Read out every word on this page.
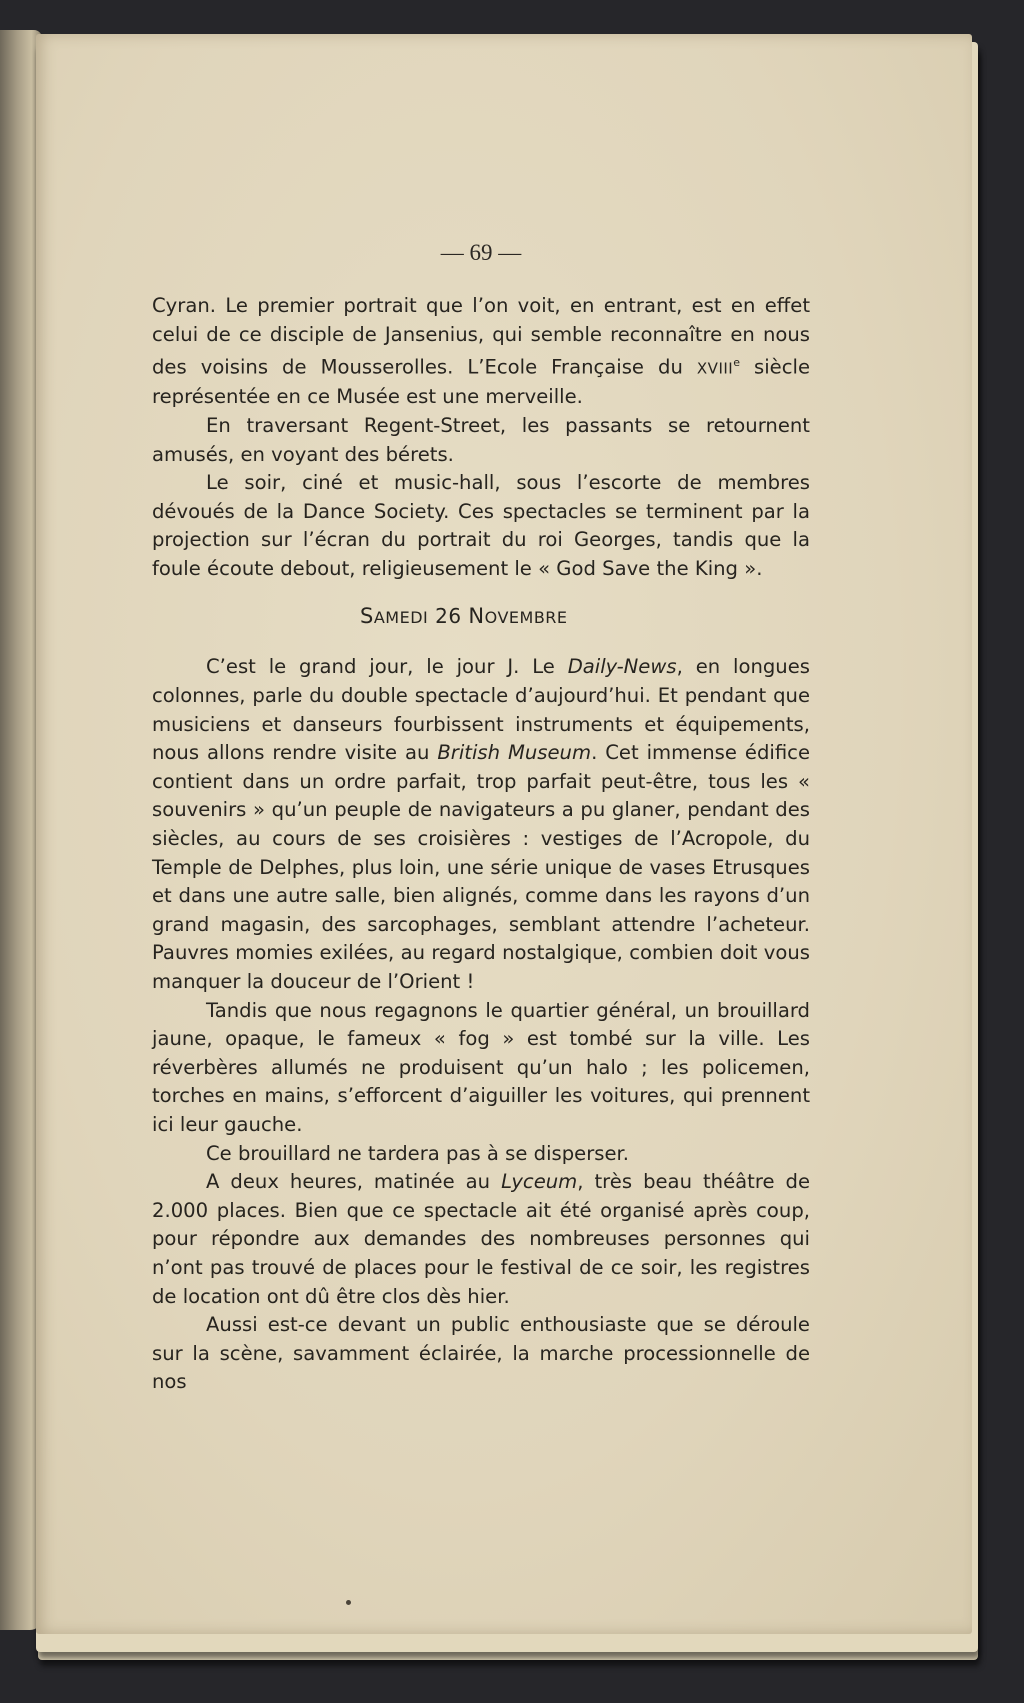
— 69 —

Cyran. Le premier portrait que l’on voit, en entrant, est en effet celui de ce disciple de Jansenius, qui semble reconnaître en nous des voisins de Mousserolles. L’Ecole Française du XVIIIe siècle représentée en ce Musée est une merveille.

En traversant Regent-Street, les passants se retournent amusés, en voyant des bérets.

Le soir, ciné et music-hall, sous l’escorte de membres dévoués de la Dance Society. Ces spectacles se terminent par la projection sur l’écran du portrait du roi Georges, tandis que la foule écoute debout, religieusement le « God Save the King ».

SAMEDI 26 NOVEMBRE

C’est le grand jour, le jour J. Le Daily-News, en longues colonnes, parle du double spectacle d’aujourd’hui. Et pendant que musiciens et danseurs fourbissent instruments et équipements, nous allons rendre visite au British Museum. Cet immense édifice contient dans un ordre parfait, trop parfait peut-être, tous les « souvenirs » qu’un peuple de navigateurs a pu glaner, pendant des siècles, au cours de ses croisières : vestiges de l’Acropole, du Temple de Delphes, plus loin, une série unique de vases Etrusques et dans une autre salle, bien alignés, comme dans les rayons d’un grand magasin, des sarcophages, semblant attendre l’acheteur. Pauvres momies exilées, au regard nostalgique, combien doit vous manquer la douceur de l’Orient !

Tandis que nous regagnons le quartier général, un brouillard jaune, opaque, le fameux « fog » est tombé sur la ville. Les réverbères allumés ne produisent qu’un halo ; les policemen, torches en mains, s’efforcent d’aiguiller les voitures, qui prennent ici leur gauche.

Ce brouillard ne tardera pas à se disperser.

A deux heures, matinée au Lyceum, très beau théâtre de 2.000 places. Bien que ce spectacle ait été organisé après coup, pour répondre aux demandes des nombreuses personnes qui n’ont pas trouvé de places pour le festival de ce soir, les registres de location ont dû être clos dès hier.

Aussi est-ce devant un public enthousiaste que se déroule sur la scène, savamment éclairée, la marche processionnelle de nos
